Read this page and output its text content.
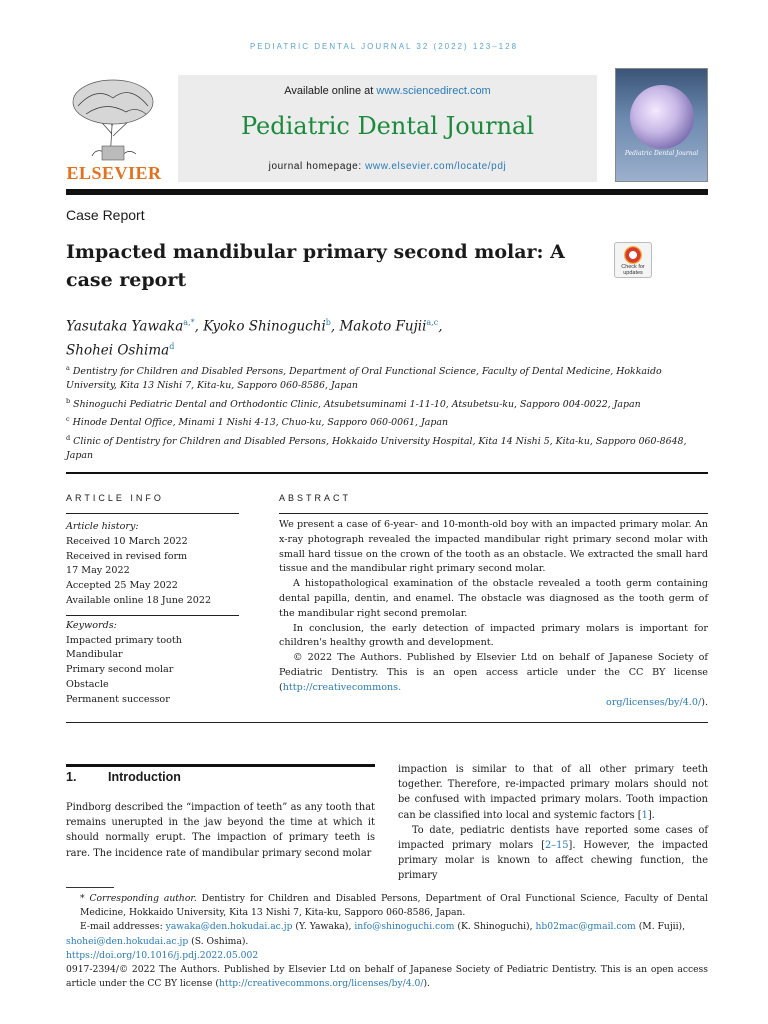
PEDIATRIC DENTAL JOURNAL 32 (2022) 123–128
ELSEVIER
Available online at www.sciencedirect.com
Pediatric Dental Journal
journal homepage: www.elsevier.com/locate/pdj
Pediatric Dental Journal
Case Report
Impacted mandibular primary second molar: A case report
Check for updates
Yasutaka Yawaka$^{a,*}$, Kyoko Shinoguchi$^b$, Makoto Fujii$^{a,c}$,
Shohei Oshima$^d$
$^a$ Dentistry for Children and Disabled Persons, Department of Oral Functional Science, Faculty of Dental Medicine, Hokkaido University, Kita 13 Nishi 7, Kita-ku, Sapporo 060-8586, Japan
$^b$ Shinoguchi Pediatric Dental and Orthodontic Clinic, Atsubetsuminami 1-11-10, Atsubetsu-ku, Sapporo 004-0022, Japan
$^c$ Hinode Dental Office, Minami 1 Nishi 4-13, Chuo-ku, Sapporo 060-0061, Japan
$^d$ Clinic of Dentistry for Children and Disabled Persons, Hokkaido University Hospital, Kita 14 Nishi 5, Kita-ku, Sapporo 060-8648, Japan
ARTICLE INFO	ABSTRACT
Article history:
Received 10 March 2022
Received in revised form
17 May 2022
Accepted 25 May 2022
Available online 18 June 2022
Keywords:
Impacted primary tooth
Mandibular
Primary second molar
Obstacle
Permanent successor

We present a case of 6-year- and 10-month-old boy with an impacted primary molar. An x-ray photograph revealed the impacted mandibular right primary second molar with small hard tissue on the crown of the tooth as an obstacle. We extracted the small hard tissue and the mandibular right primary second molar.

A histopathological examination of the obstacle revealed a tooth germ containing dental papilla, dentin, and enamel. The obstacle was diagnosed as the tooth germ of the mandibular right second premolar.

In conclusion, the early detection of impacted primary molars is important for children's healthy growth and development.

© 2022 The Authors. Published by Elsevier Ltd on behalf of Japanese Society of Pediatric Dentistry. This is an open access article under the CC BY license (http://creativecommons.

org/licenses/by/4.0/).

1.	Introduction

Pindborg described the “impaction of teeth” as any tooth that remains unerupted in the jaw beyond the time at which it should normally erupt. The impaction of primary teeth is rare. The incidence rate of mandibular primary second molar

impaction is similar to that of all other primary teeth together. Therefore, re-impacted primary molars should not be confused with impacted primary molars. Tooth impaction can be classified into local and systemic factors [1].

To date, pediatric dentists have reported some cases of impacted primary molars [2–15]. However, the impacted primary molar is known to affect chewing function, the primary

* Corresponding author. Dentistry for Children and Disabled Persons, Department of Oral Functional Science, Faculty of Dental Medicine, Hokkaido University, Kita 13 Nishi 7, Kita-ku, Sapporo 060-8586, Japan.
E-mail addresses: yawaka@den.hokudai.ac.jp (Y. Yawaka), info@shinoguchi.com (K. Shinoguchi), hb02mac@gmail.com (M. Fujii),
shohei@den.hokudai.ac.jp (S. Oshima).
https://doi.org/10.1016/j.pdj.2022.05.002
0917-2394/© 2022 The Authors. Published by Elsevier Ltd on behalf of Japanese Society of Pediatric Dentistry. This is an open access article under the CC BY license (http://creativecommons.org/licenses/by/4.0/).
